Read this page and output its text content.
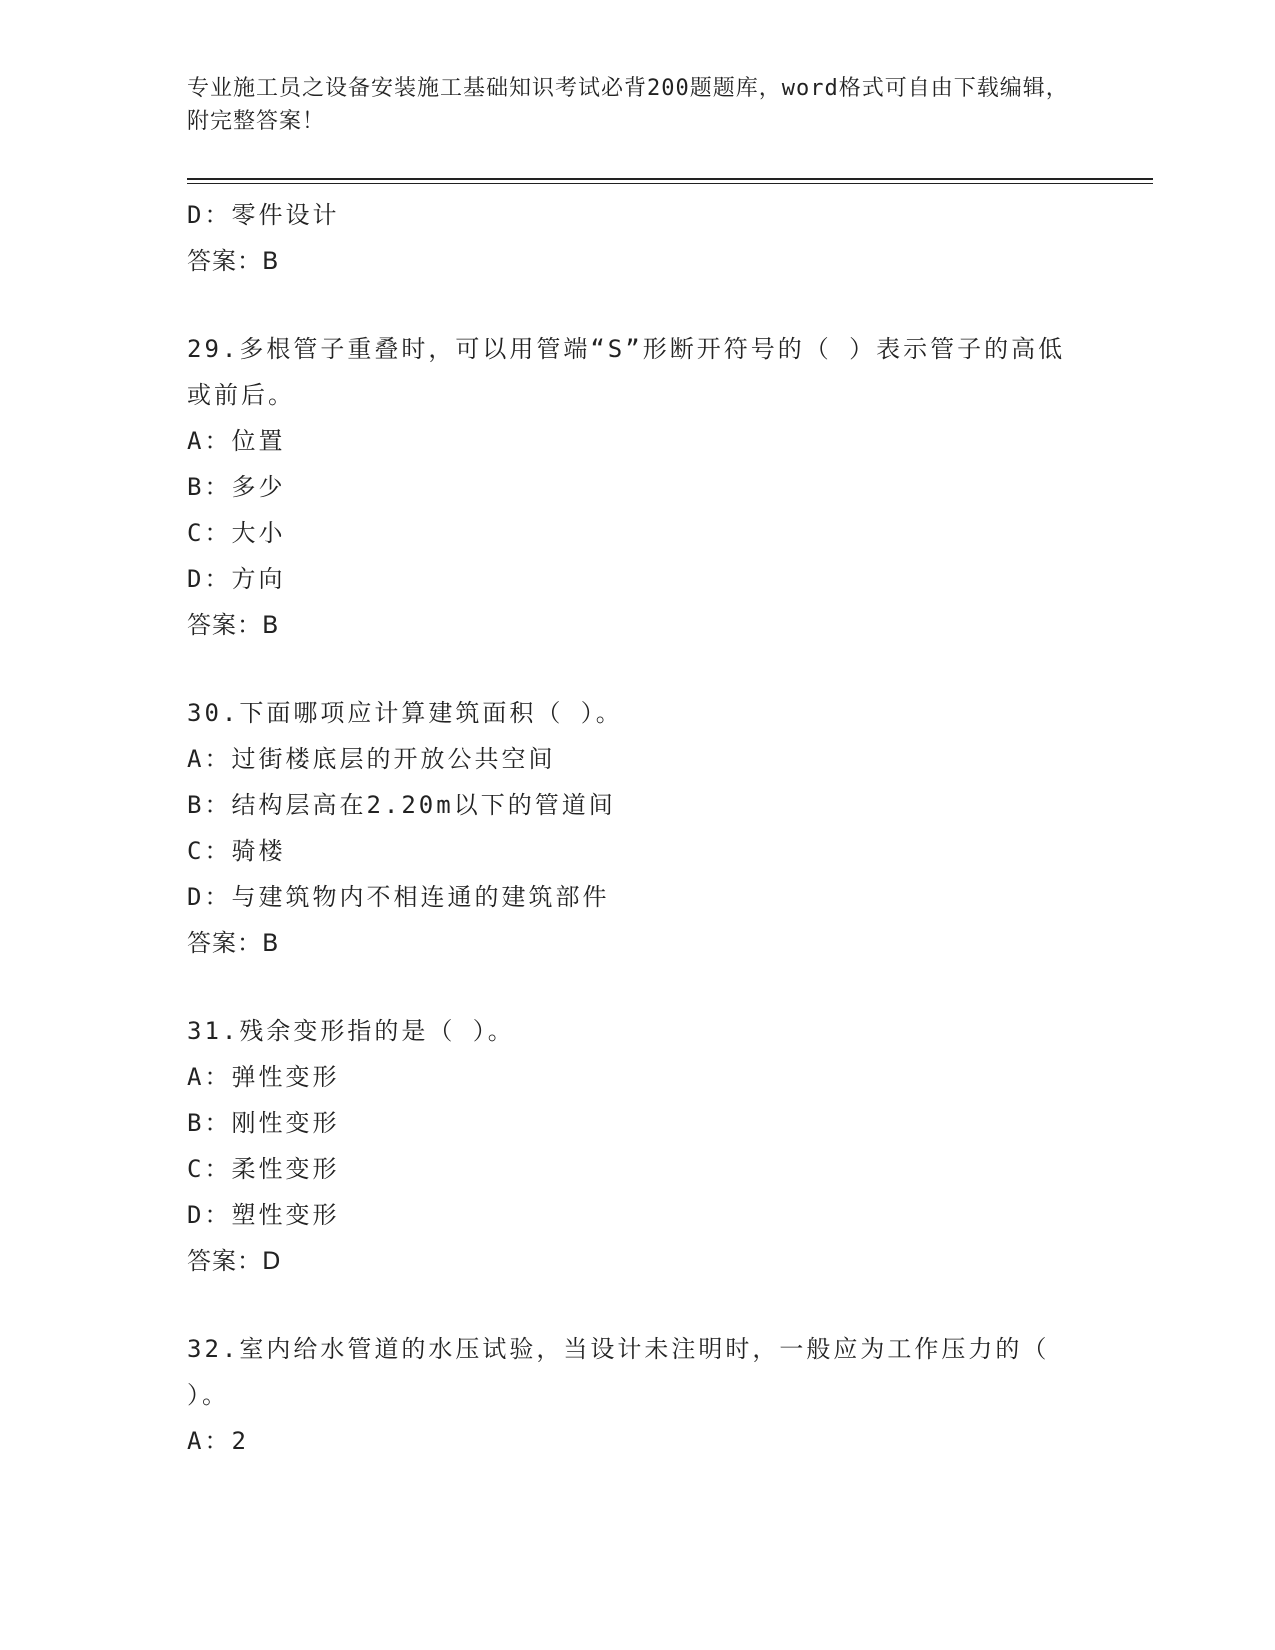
专业施工员之设备安装施工基础知识考试必背200题题库，word格式可自由下载编辑，附完整答案！
D：零件设计
答案：B
29.多根管子重叠时，可以用管端“S”形断开符号的（ ）表示管子的高低或前后。
A：位置
B：多少
C：大小
D：方向
答案：B
30.下面哪项应计算建筑面积（ ）。
A：过街楼底层的开放公共空间
B：结构层高在2.20m以下的管道间
C：骑楼
D：与建筑物内不相连通的建筑部件
答案：B
31.残余变形指的是（ ）。
A：弹性变形
B：刚性变形
C：柔性变形
D：塑性变形
答案：D
32.室内给水管道的水压试验，当设计未注明时，一般应为工作压力的（ ）。
A：2
